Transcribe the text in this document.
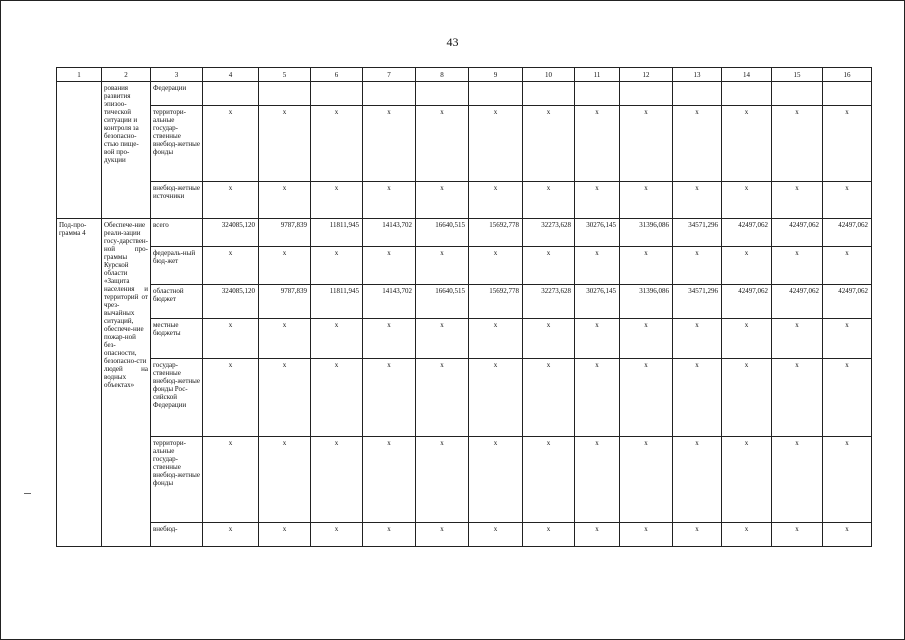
43
1	2	3	4	5	6	7	8	9	10	11	12	13	14	15	16
	рования развития эпизоо-тической ситуации и контроля за безопасно-стью пище-вой про-дукции	Федерации													
		территори-альные государ-ственные внебюд-жетные фонды	х	х	х	х	х	х	х	х	х	х	х	х	х
		внебюд-жетные источники	х	х	х	х	х	х	х	х	х	х	х	х	х
Под-про-грамма 4	Обеспече-ние реали-зации госу-дарствен-ной про-граммы Курской области «Защита населения и территорий от чрез-вычайных ситуаций, обеспече-ние пожар-ной без-опасности, безопасно-сти людей на водных объектах»	всего	324085,120	9787,839	11811,945	14143,702	16640,515	15692,778	32273,628	30276,145	31396,086	34571,296	42497,062	42497,062	42497,062
		федераль-ный бюд-жет	х	х	х	х	х	х	х	х	х	х	х	х	х
		областной бюджет	324085,120	9787,839	11811,945	14143,702	16640,515	15692,778	32273,628	30276,145	31396,086	34571,296	42497,062	42497,062	42497,062
		местные бюджеты	х	х	х	х	х	х	х	х	х	х	х	х	х
		государ-ственные внебюд-жетные фонды Рос-сийской Федерации	х	х	х	х	х	х	х	х	х	х	х	х	х
		территори-альные государ-ственные внебюд-жетные фонды	х	х	х	х	х	х	х	х	х	х	х	х	х
		внебюд-	х	х	х	х	х	х	х	х	х	х	х	х	х
